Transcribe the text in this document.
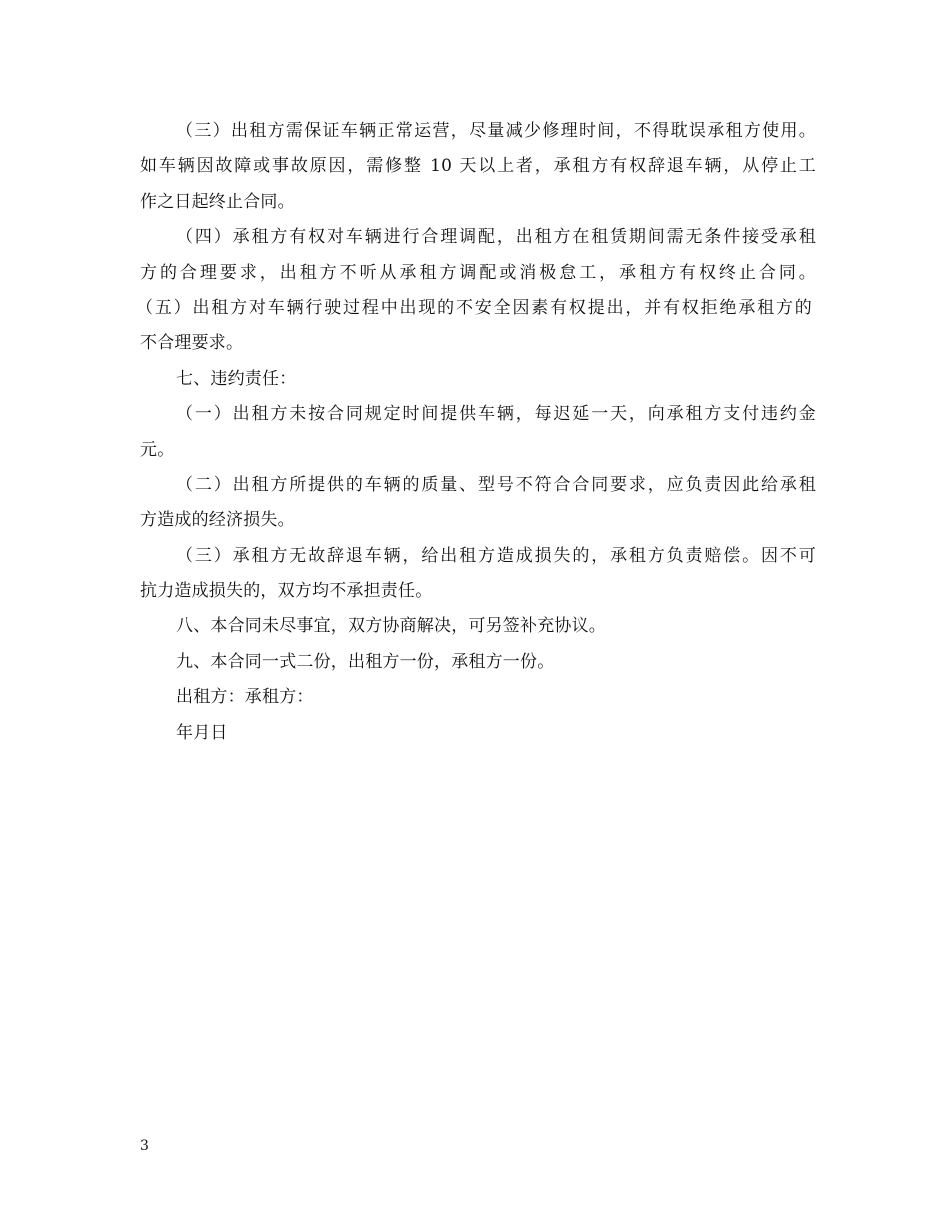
（三）出租方需保证车辆正常运营，尽量减少修理时间，不得耽误承租方使用。
如车辆因故障或事故原因，需修整 10 天以上者，承租方有权辞退车辆，从停止工
作之日起终止合同。
（四）承租方有权对车辆进行合理调配，出租方在租赁期间需无条件接受承租
方的合理要求，出租方不听从承租方调配或消极怠工，承租方有权终止合同。
（五）出租方对车辆行驶过程中出现的不安全因素有权提出，并有权拒绝承租方的
不合理要求。
七、违约责任：
（一）出租方未按合同规定时间提供车辆，每迟延一天，向承租方支付违约金
元。
（二）出租方所提供的车辆的质量、型号不符合合同要求，应负责因此给承租
方造成的经济损失。
（三）承租方无故辞退车辆，给出租方造成损失的，承租方负责赔偿。因不可
抗力造成损失的，双方均不承担责任。
八、本合同未尽事宜，双方协商解决，可另签补充协议。
九、本合同一式二份，出租方一份，承租方一份。
出租方：承租方：
年月日
3
